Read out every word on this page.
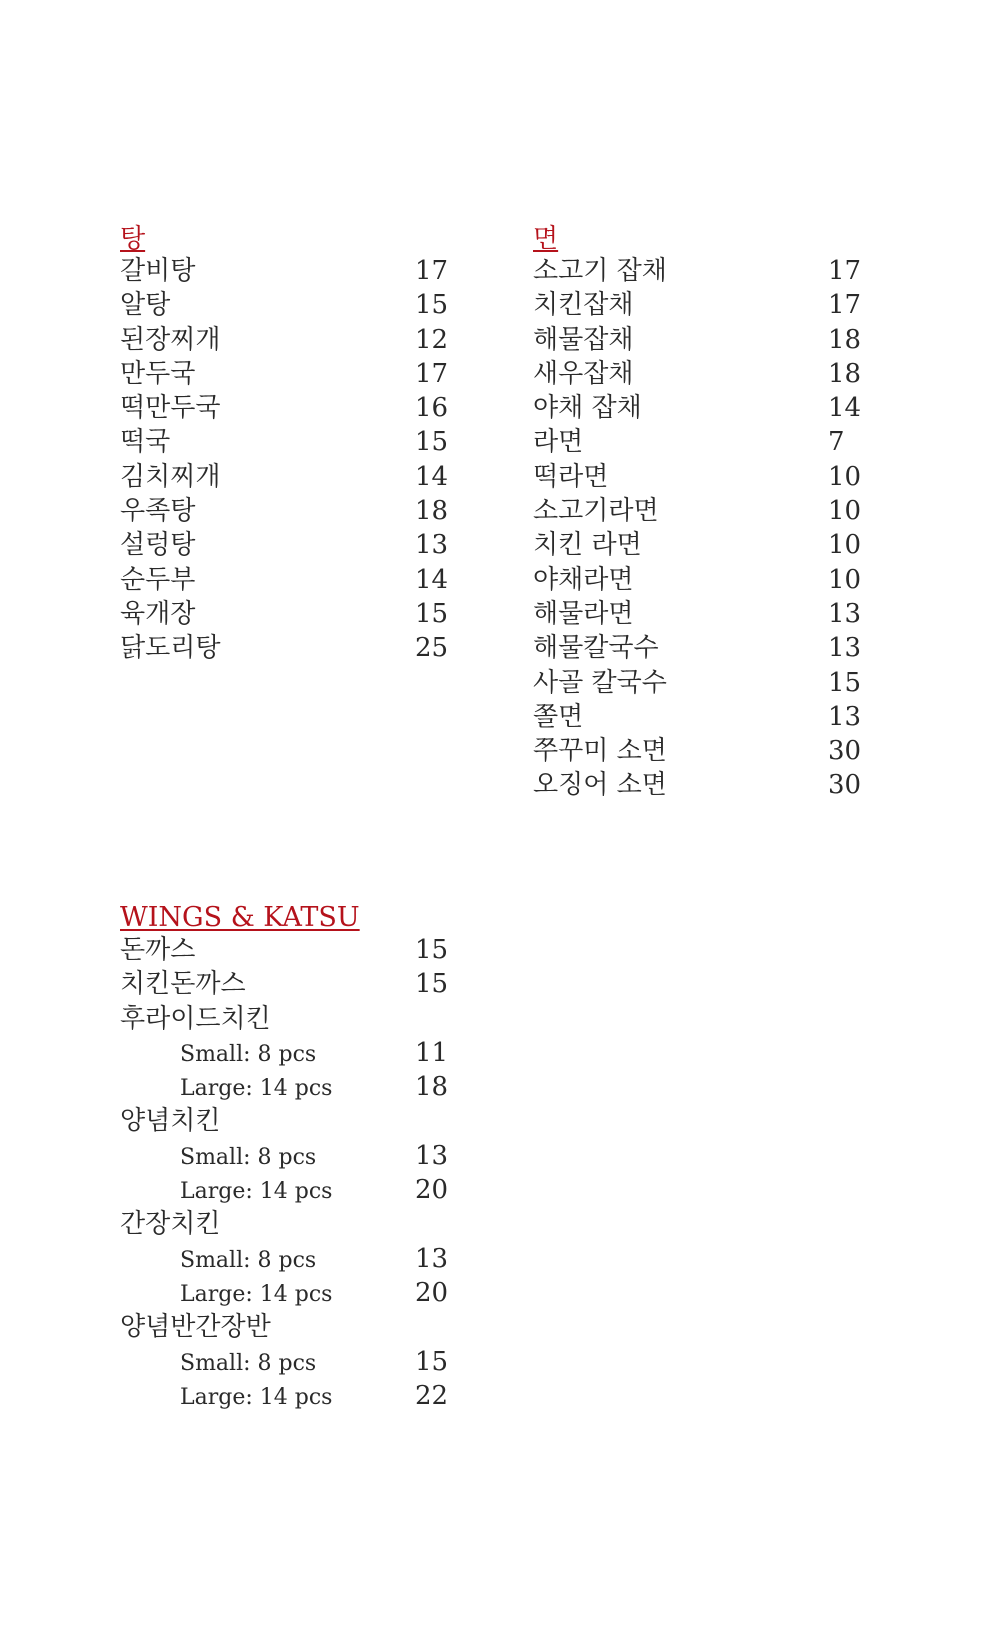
탕
갈비탕	17
알탕	15
된장찌개	12
만두국	17
떡만두국	16
떡국	15
김치찌개	14
우족탕	18
설렁탕	13
순두부	14
육개장	15
닭도리탕	25
면
소고기 잡채	17
치킨잡채	17
해물잡채	18
새우잡채	18
야채 잡채	14
라면	7
떡라면	10
소고기라면	10
치킨 라면	10
야채라면	10
해물라면	13
해물칼국수	13
사골 칼국수	15
쫄면	13
쭈꾸미 소면	30
오징어 소면	30
WINGS & KATSU
돈까스	15
치킨돈까스	15
후라이드치킨
Small: 8 pcs	11
Large: 14 pcs	18
양념치킨
Small: 8 pcs	13
Large: 14 pcs	20
간장치킨
Small: 8 pcs	13
Large: 14 pcs	20
양념반간장반
Small: 8 pcs	15
Large: 14 pcs	22
